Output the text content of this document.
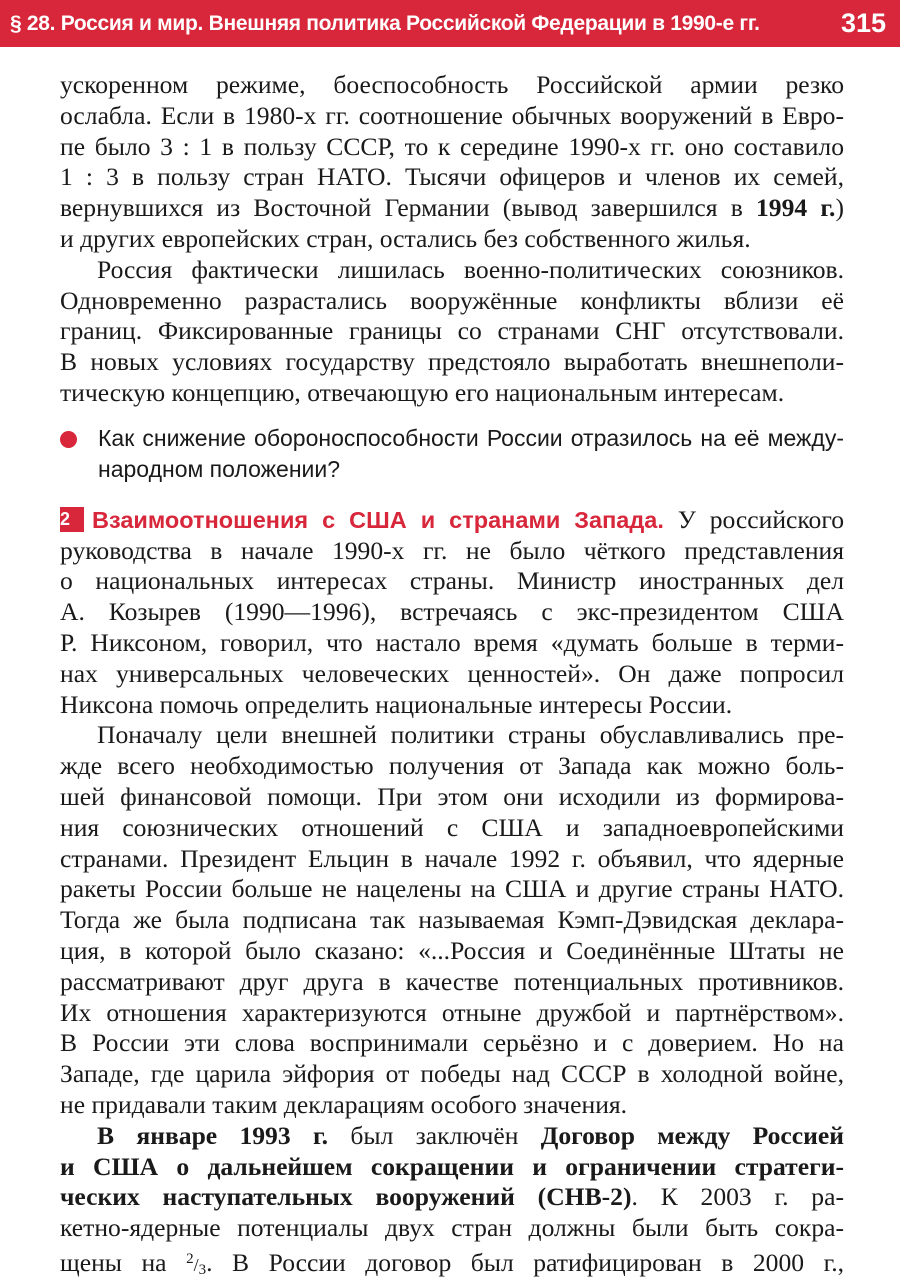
§ 28. Россия и мир. Внешняя политика Российской Федерации в 1990-е гг.	315

ускоренном режиме, боеспособность Российской армии резко
ослабла. Если в 1980-х гг. соотношение обычных вооружений в Евро-
пе было 3 : 1 в пользу СССР, то к середине 1990-х гг. оно составило
1 : 3 в пользу стран НАТО. Тысячи офицеров и членов их семей,
вернувшихся из Восточной Германии (вывод завершился в 1994 г.)
и других европейских стран, остались без собственного жилья.

Россия фактически лишилась военно-политических союзников.
Одновременно разрастались вооружённые конфликты вблизи её
границ. Фиксированные границы со странами СНГ отсутствовали.
В новых условиях государству предстояло выработать внешнеполи-
тическую концепцию, отвечающую его национальным интересам.

Как снижение обороноспособности России отразилось на её между-
народном положении?

2 Взаимоотношения с США и странами Запада. У российского
руководства в начале 1990-х гг. не было чёткого представления
о национальных интересах страны. Министр иностранных дел
А. Козырев (1990—1996), встречаясь с экс-президентом США
Р. Никсоном, говорил, что настало время «думать больше в терми-
нах универсальных человеческих ценностей». Он даже попросил
Никсона помочь определить национальные интересы России.

Поначалу цели внешней политики страны обуславливались пре-
жде всего необходимостью получения от Запада как можно боль-
шей финансовой помощи. При этом они исходили из формирова-
ния союзнических отношений с США и западноевропейскими
странами. Президент Ельцин в начале 1992 г. объявил, что ядерные
ракеты России больше не нацелены на США и другие страны НАТО.
Тогда же была подписана так называемая Кэмп-Дэвидская деклара-
ция, в которой было сказано: «...Россия и Соединённые Штаты не
рассматривают друг друга в качестве потенциальных противников.
Их отношения характеризуются отныне дружбой и партнёрством».
В России эти слова воспринимали серьёзно и с доверием. Но на
Западе, где царила эйфория от победы над СССР в холодной войне,
не придавали таким декларациям особого значения.

В январе 1993 г. был заключён Договор между Россией
и США о дальнейшем сокращении и ограничении стратеги-
ческих наступательных вооружений (СНВ-2). К 2003 г. ра-
кетно-ядерные потенциалы двух стран должны были быть сокра-
щены на $^2/_3$. В России договор был ратифицирован в 2000 г.,
